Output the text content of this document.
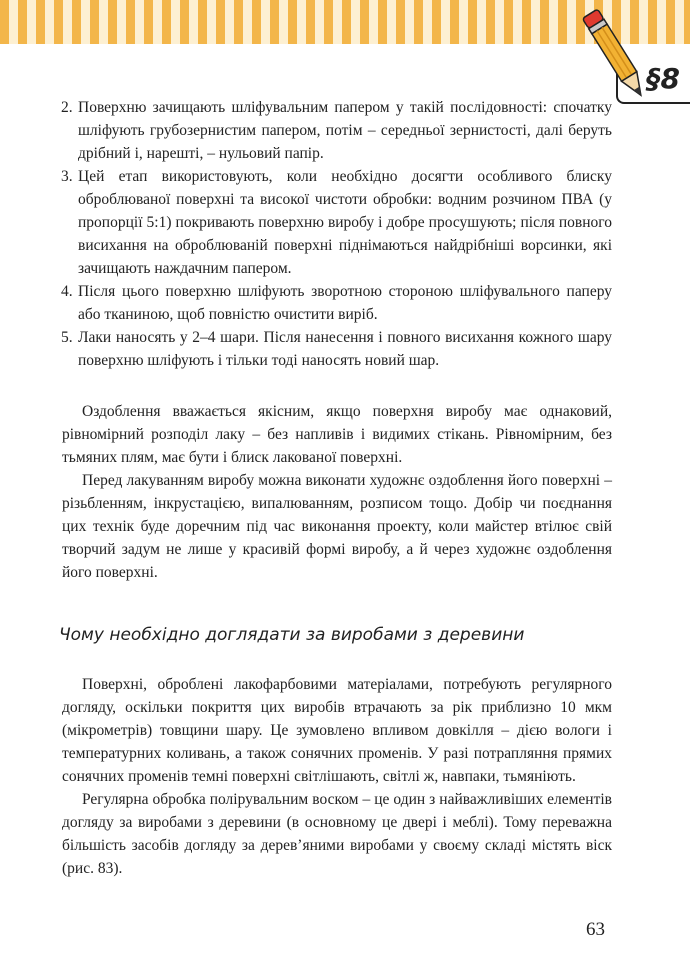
§8
2. Поверхню зачищають шліфувальним папером у такій послідовності: спочатку шліфують грубозернистим папером, потім – середньої зернистості, далі беруть дрібний і, нарешті, – нульовий папір.
3. Цей етап використовують, коли необхідно досягти особливого блиску оброблюваної поверхні та високої чистоти обробки: водним розчином ПВА (у пропорції 5:1) покривають поверхню виробу і добре просушують; після повного висихання на оброблюваній поверхні піднімаються найдрібніші ворсинки, які зачищають наждачним папером.
4. Після цього поверхню шліфують зворотною стороною шліфувального паперу або тканиною, щоб повністю очистити виріб.
5. Лаки наносять у 2–4 шари. Після нанесення і повного висихання кожного шару поверхню шліфують і тільки тоді наносять новий шар.

Оздоблення вважається якісним, якщо поверхня виробу має однаковий, рівномірний розподіл лаку – без напливів і видимих стікань. Рівномірним, без тьмяних плям, має бути і блиск лакованої поверхні.

Перед лакуванням виробу можна виконати художнє оздоблення його поверхні – різьбленням, інкрустацією, випалюванням, розписом тощо. Добір чи поєднання цих технік буде доречним під час виконання проекту, коли майстер втілює свій творчий задум не лише у красивій формі виробу, а й через художнє оздоблення його поверхні.

Чому необхідно доглядати за виробами з деревини

Поверхні, оброблені лакофарбовими матеріалами, потребують регулярного догляду, оскільки покриття цих виробів втрачають за рік приблизно 10 мкм (мікрометрів) товщини шару. Це зумовлено впливом довкілля – дією вологи і температурних коливань, а також сонячних променів. У разі потрапляння прямих сонячних променів темні поверхні світлішають, світлі ж, навпаки, тьмяніють.

Регулярна обробка полірувальним воском – це один з найважливіших елементів догляду за виробами з деревини (в основному це двері і меблі). Тому переважна більшість засобів догляду за дерев’яними виробами у своєму складі містять віск (рис. 83).

63
